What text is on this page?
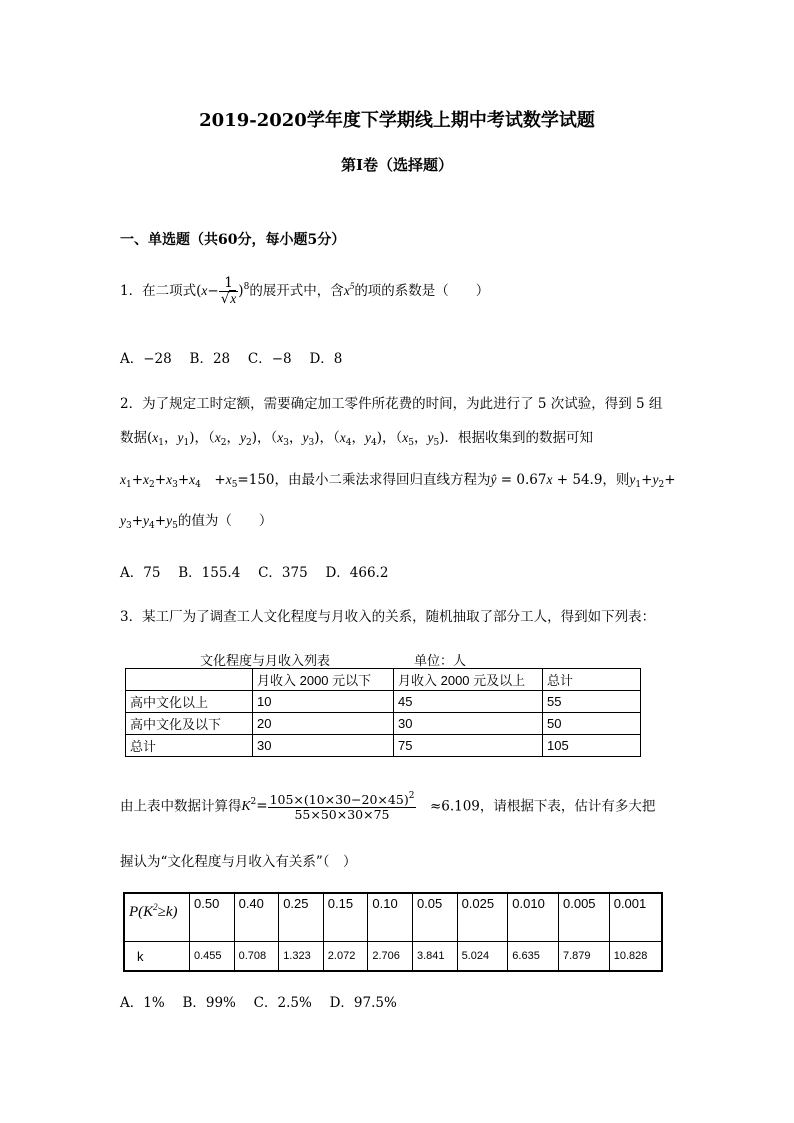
2019-2020学年度下学期线上期中考试数学试题
第I卷（选择题）
一、单选题（共60分，每小题5分）
1．在二项式$(x- \frac{1}{√x} )^8$的展开式中，含$x^5$的项的系数是（　　）
A．−28　 B．28　 C．−8　 D．8
2．为了规定工时定额，需要确定加工零件所花费的时间，为此进行了 5 次试验，得到 5 组
数据($x_1$，$y_1$)，（$x_2$，$y_2$)，（$x_3$，$y_3$)，（$x_4$，$y_4$)，（$x_5$，$y_5$)．根据收集到的数据可知
$x_1+x_2+x_3+x_4$　$+x_5=150$，由最小二乘法求得回归直线方程为ŷ = 0.67x + 54.9，则$y_1+y_2+$
$y_3+y_4+y_5$的值为（　　）
A．75　 B．155.4　 C．375　 D．466.2
3．某工厂为了调查工人文化程度与月收入的关系，随机抽取了部分工人，得到如下列表：
文化程度与月收入列表	单位：人
	月收入 2000 元以下	月收入 2000 元及以上	总计
高中文化以上	10	45	55
高中文化及以下	20	30	50
总计	30	75	105
由上表中数据计算得$K^2= \frac{105\times(10\times 30-20\times 45)^2}{55\times 50\times 30\times 75}$
　 ≈6.109，请根据下表，估计有多大把
握认为“文化程度与月收入有关系”（　）
$P(K^2\ge k)$	0.50	0.40	0.25	0.15	0.10	0.05	0.025	0.010	0.005	0.001
k	0.455	0.708	1.323	2.072	2.706	3.841	5.024	6.635	7.879	10.828
A．1%　 B．99%　 C．2.5%　 D．97.5%
